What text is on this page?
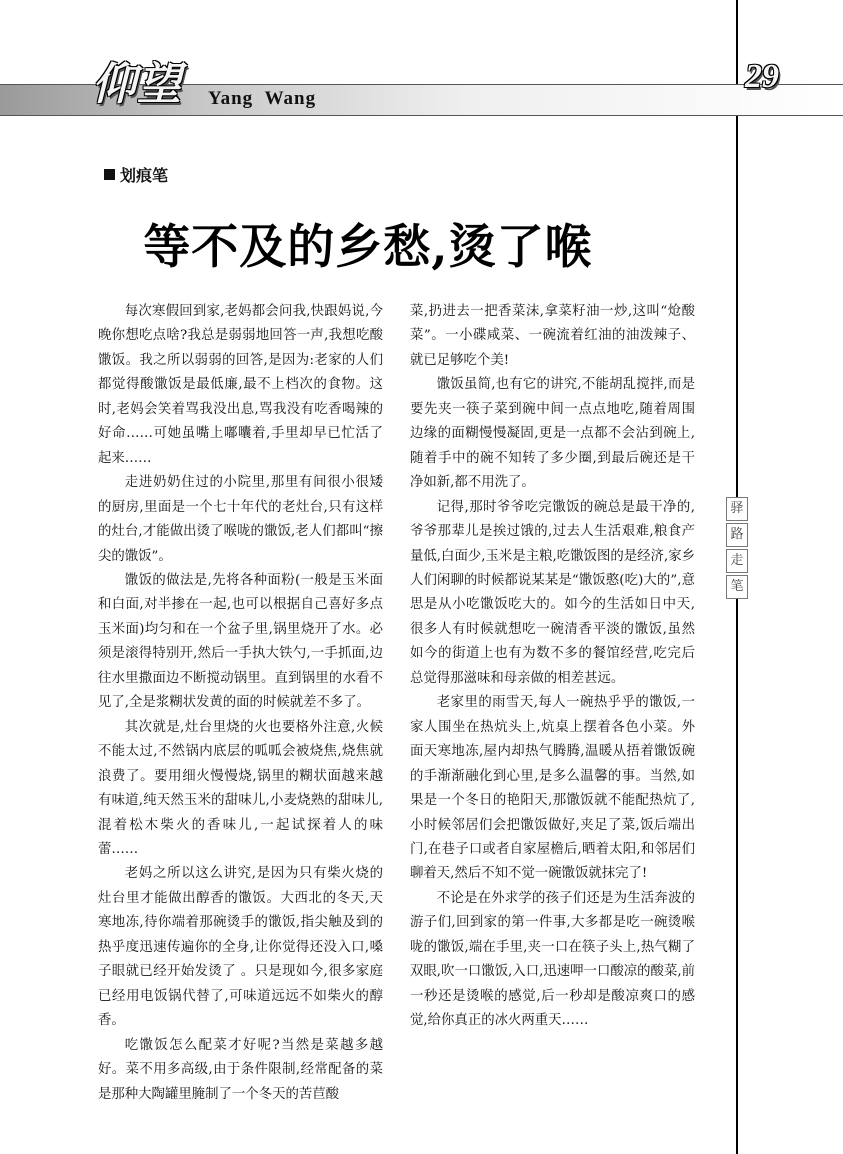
仰望 Yang Wang
29
划痕笔
等不及的乡愁,烫了喉

每次寒假回到家,老妈都会问我,快跟妈说,今晚你想吃点啥?我总是弱弱地回答一声,我想吃酸馓饭。我之所以弱弱的回答,是因为:老家的人们都觉得酸馓饭是最低廉,最不上档次的食物。这时,老妈会笑着骂我没出息,骂我没有吃香喝辣的好命……可她虽嘴上嘟囔着,手里却早已忙活了起来……

走进奶奶住过的小院里,那里有间很小很矮的厨房,里面是一个七十年代的老灶台,只有这样的灶台,才能做出烫了喉咙的馓饭,老人们都叫“擦尖的馓饭”。

馓饭的做法是,先将各种面粉(一般是玉米面和白面,对半掺在一起,也可以根据自己喜好多点玉米面)均匀和在一个盆子里,锅里烧开了水。必须是滚得特别开,然后一手执大铁勺,一手抓面,边往水里撒面边不断搅动锅里。直到锅里的水看不见了,全是浆糊状发黄的面的时候就差不多了。

其次就是,灶台里烧的火也要格外注意,火候不能太过,不然锅内底层的呱呱会被烧焦,烧焦就浪费了。要用细火慢慢烧,锅里的糊状面越来越有味道,纯天然玉米的甜味儿,小麦烧熟的甜味儿,混着松木柴火的香味儿,一起试探着人的味蕾……

老妈之所以这么讲究,是因为只有柴火烧的灶台里才能做出醇香的馓饭。大西北的冬天,天寒地冻,待你端着那碗烫手的馓饭,指尖触及到的热乎度迅速传遍你的全身,让你觉得还没入口,嗓子眼就已经开始发烫了 。只是现如今,很多家庭已经用电饭锅代替了,可味道远远不如柴火的醇香。

吃馓饭怎么配菜才好呢?当然是菜越多越好。菜不用多高级,由于条件限制,经常配备的菜是那种大陶罐里腌制了一个冬天的苦苣酸

菜,扔进去一把香菜沫,拿菜籽油一炒,这叫“炝酸菜”。一小碟咸菜、一碗流着红油的油泼辣子、就已足够吃个美!

馓饭虽简,也有它的讲究,不能胡乱搅拌,而是要先夹一筷子菜到碗中间一点点地吃,随着周围边缘的面糊慢慢凝固,更是一点都不会沾到碗上,随着手中的碗不知转了多少圈,到最后碗还是干净如新,都不用洗了。

记得,那时爷爷吃完馓饭的碗总是最干净的,爷爷那辈儿是挨过饿的,过去人生活艰难,粮食产量低,白面少,玉米是主粮,吃馓饭图的是经济,家乡人们闲聊的时候都说某某是“馓饭憨(吃)大的”,意思是从小吃馓饭吃大的。如今的生活如日中天,很多人有时候就想吃一碗清香平淡的馓饭,虽然如今的街道上也有为数不多的餐馆经营,吃完后总觉得那滋味和母亲做的相差甚远。

老家里的雨雪天,每人一碗热乎乎的馓饭,一家人围坐在热炕头上,炕桌上摆着各色小菜。外面天寒地冻,屋内却热气腾腾,温暖从捂着馓饭碗的手渐渐融化到心里,是多么温馨的事。当然,如果是一个冬日的艳阳天,那馓饭就不能配热炕了,小时候邻居们会把馓饭做好,夹足了菜,饭后端出门,在巷子口或者自家屋檐后,晒着太阳,和邻居们聊着天,然后不知不觉一碗馓饭就抹完了!

不论是在外求学的孩子们还是为生活奔波的游子们,回到家的第一件事,大多都是吃一碗烫喉咙的馓饭,端在手里,夹一口在筷子头上,热气糊了双眼,吹一口馓饭,入口,迅速呷一口酸凉的酸菜,前一秒还是烫喉的感觉,后一秒却是酸凉爽口的感觉,给你真正的冰火两重天……

驿
路
走
笔
